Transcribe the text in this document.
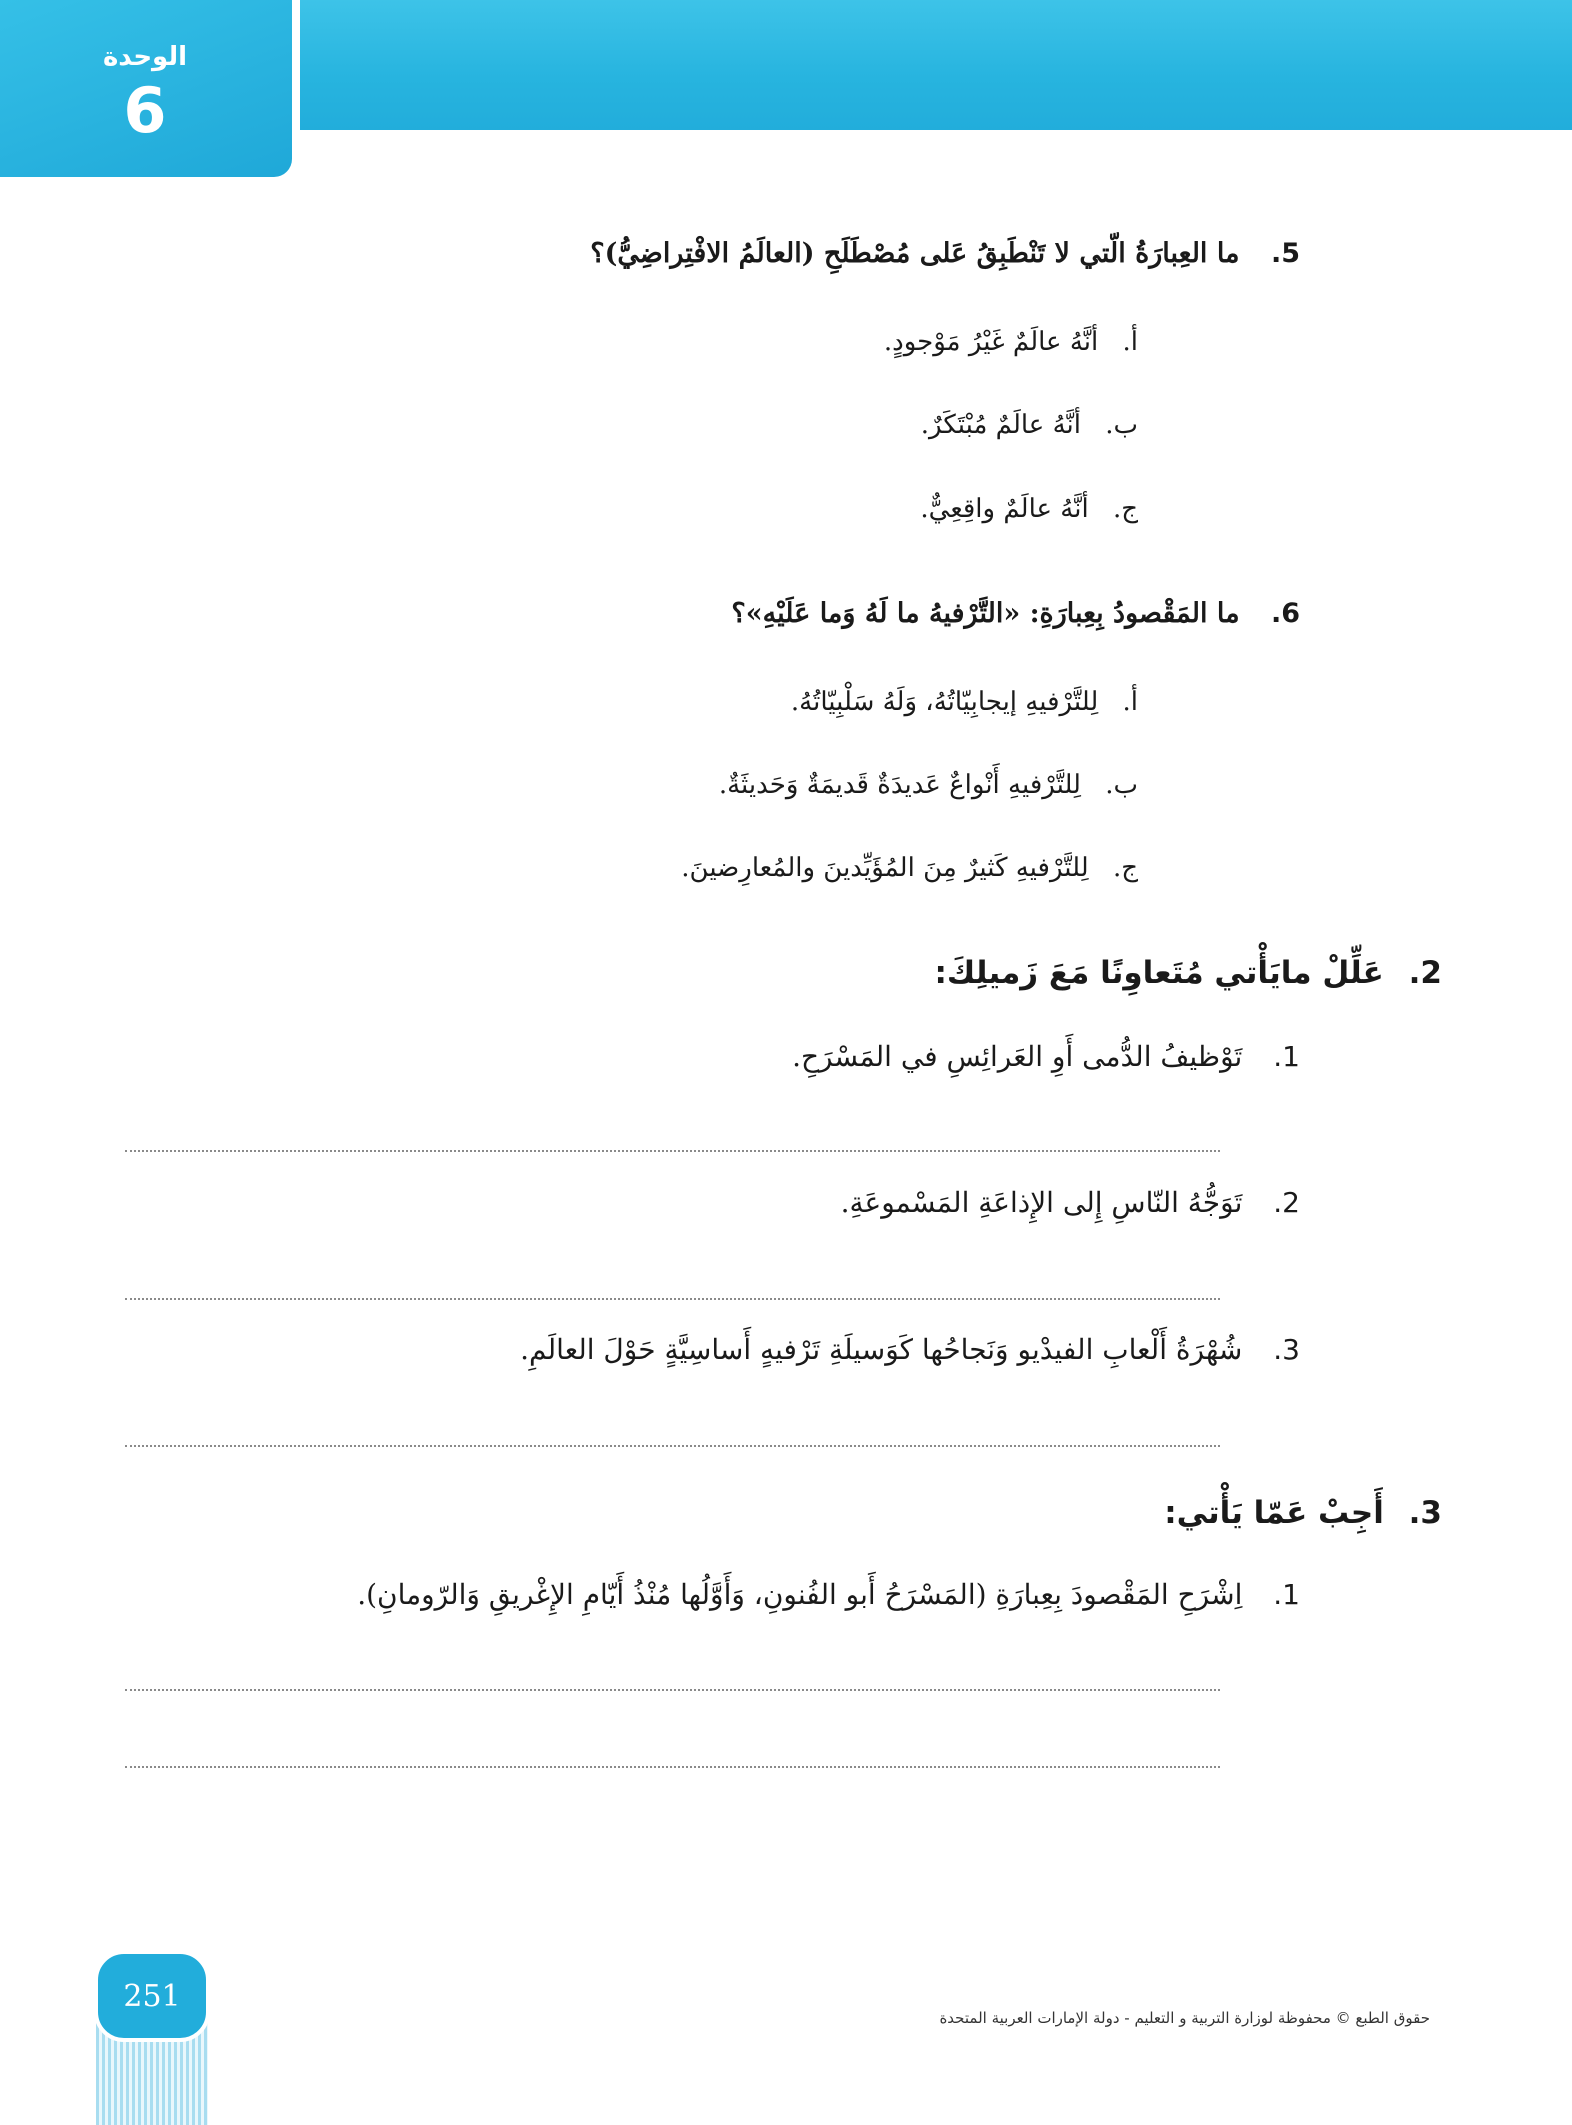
الوحدة
6
5. ما العِبارَةُ الّتي لا تَنْطَبِقُ عَلى مُصْطَلَحِ (العالَمُ الافْتِراضِيُّ)؟
أ. أنَّهُ عالَمٌ غَيْرُ مَوْجودٍ.
ب. أنَّهُ عالَمٌ مُبْتَكَرٌ.
ج. أنَّهُ عالَمٌ واقِعِيٌّ.
6. ما المَقْصودُ بِعِبارَةِ: «التَّرْفيهُ ما لَهُ وَما عَلَيْهِ»؟
أ. لِلتَّرْفيهِ إيجابِيّاتُهُ، وَلَهُ سَلْبِيّاتُهُ.
ب. لِلتَّرْفيهِ أَنْواعٌ عَديدَةٌ قَديمَةٌ وَحَديثَةٌ.
ج. لِلتَّرْفيهِ كَثيرٌ مِنَ المُؤَيِّدينَ والمُعارِضينَ.
2. عَلِّلْ مايَأْتي مُتَعاوِنًا مَعَ زَميلِكَ:
1. تَوْظيفُ الدُّمى أَوِ العَرائِسِ في المَسْرَحِ.
2. تَوَجُّهُ النّاسِ إِلى الإِذاعَةِ المَسْموعَةِ.
3. شُهْرَةُ أَلْعابِ الفيدْيو وَنَجاحُها كَوَسيلَةِ تَرْفيهٍ أَساسِيَّةٍ حَوْلَ العالَمِ.
3. أَجِبْ عَمّا يَأْتي:
1. اِشْرَحِ المَقْصودَ بِعِبارَةِ (المَسْرَحُ أَبو الفُنونِ، وَأَوَّلُها مُنْذُ أَيّامِ الإِغْريقِ وَالرّومانِ).
251
حقوق الطبع © محفوظة لوزارة التربية و التعليم - دولة الإمارات العربية المتحدة
